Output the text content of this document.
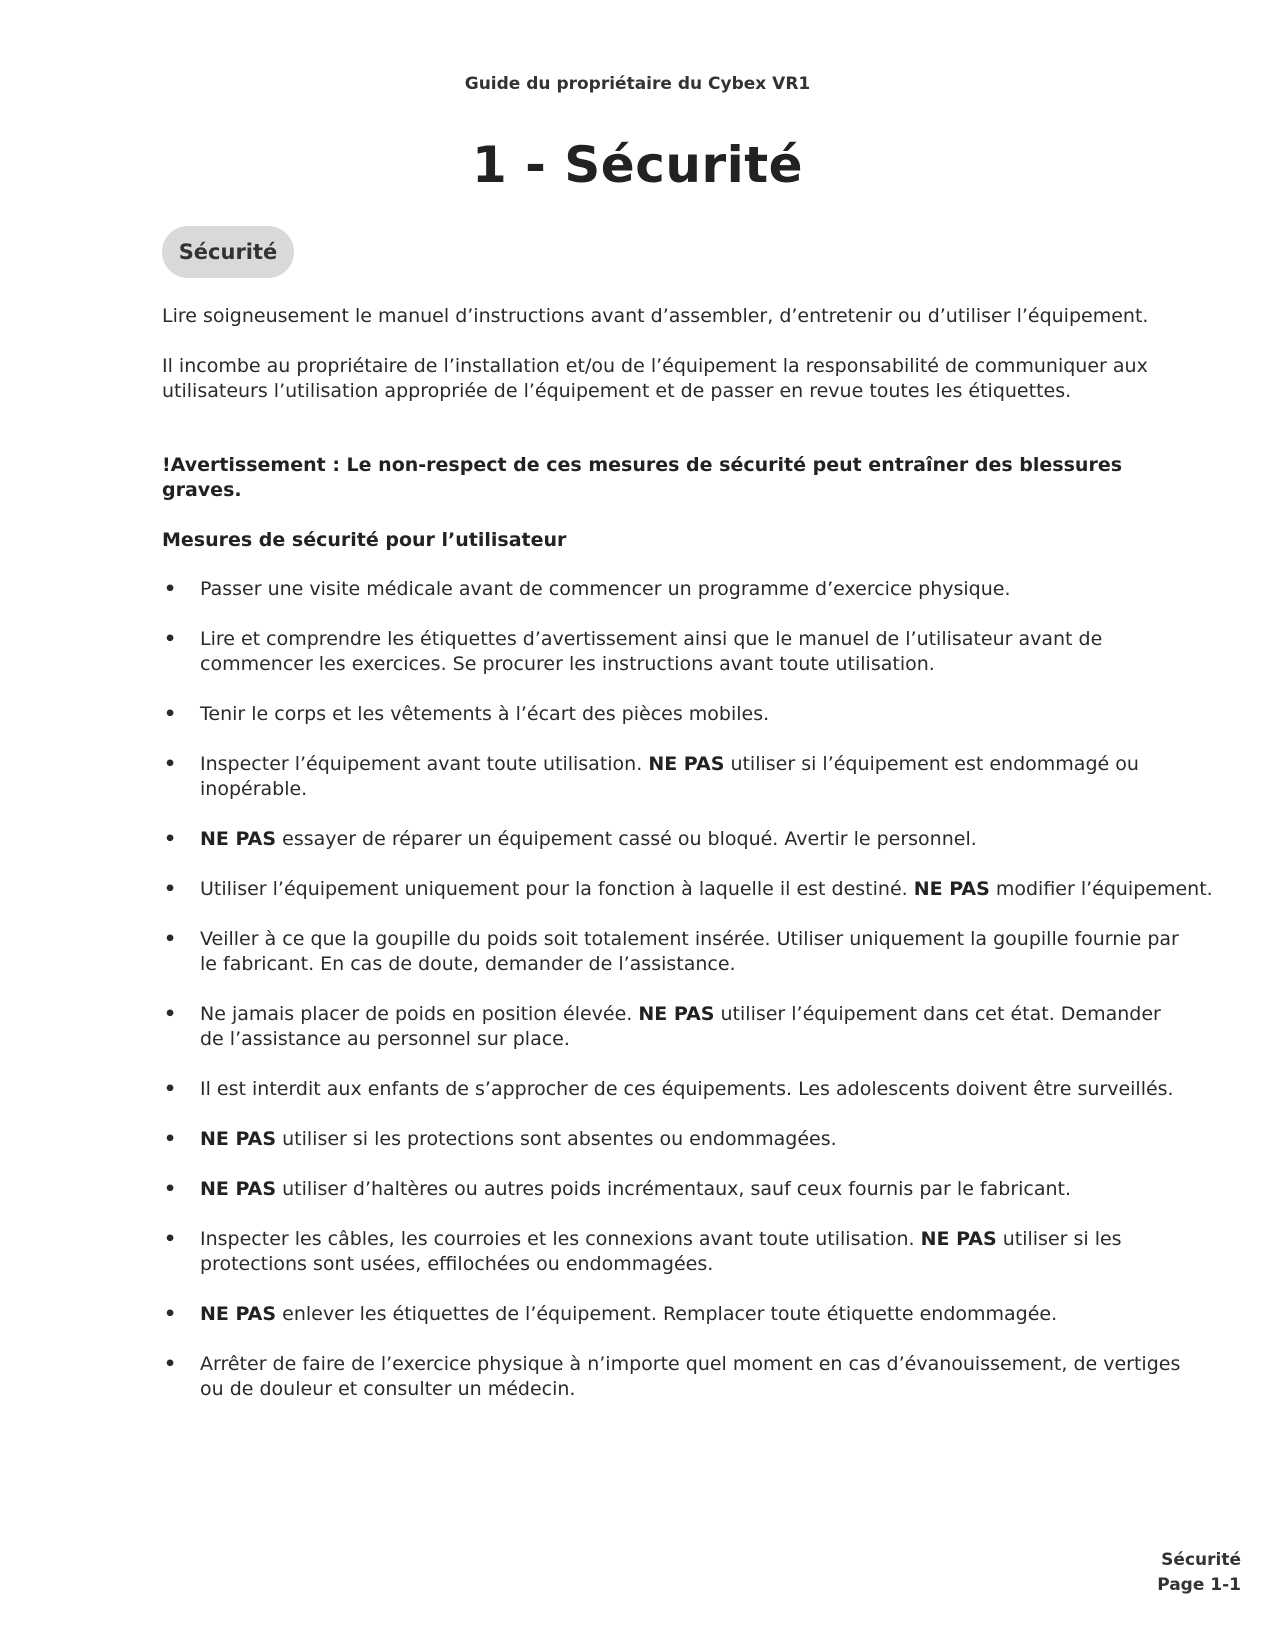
Guide du propriétaire du Cybex VR1
1 - Sécurité
Sécurité

Lire soigneusement le manuel d’instructions avant d’assembler, d’entretenir ou d’utiliser l’équipement.

Il incombe au propriétaire de l’installation et/ou de l’équipement la responsabilité de communiquer aux
utilisateurs l’utilisation appropriée de l’équipement et de passer en revue toutes les étiquettes.

!Avertissement : Le non-respect de ces mesures de sécurité peut entraîner des blessures graves.

Mesures de sécurité pour l’utilisateur

• Passer une visite médicale avant de commencer un programme d’exercice physique.
• Lire et comprendre les étiquettes d’avertissement ainsi que le manuel de l’utilisateur avant de
commencer les exercices. Se procurer les instructions avant toute utilisation.
• Tenir le corps et les vêtements à l’écart des pièces mobiles.
• Inspecter l’équipement avant toute utilisation. NE PAS utiliser si l’équipement est endommagé ou
inopérable.
• NE PAS essayer de réparer un équipement cassé ou bloqué. Avertir le personnel.
• Utiliser l’équipement uniquement pour la fonction à laquelle il est destiné. NE PAS modifier l’équipement.
• Veiller à ce que la goupille du poids soit totalement insérée. Utiliser uniquement la goupille fournie par
le fabricant. En cas de doute, demander de l’assistance.
• Ne jamais placer de poids en position élevée. NE PAS utiliser l’équipement dans cet état. Demander
de l’assistance au personnel sur place.
• Il est interdit aux enfants de s’approcher de ces équipements. Les adolescents doivent être surveillés.
• NE PAS utiliser si les protections sont absentes ou endommagées.
• NE PAS utiliser d’haltères ou autres poids incrémentaux, sauf ceux fournis par le fabricant.
• Inspecter les câbles, les courroies et les connexions avant toute utilisation. NE PAS utiliser si les
protections sont usées, effilochées ou endommagées.
• NE PAS enlever les étiquettes de l’équipement. Remplacer toute étiquette endommagée.
• Arrêter de faire de l’exercice physique à n’importe quel moment en cas d’évanouissement, de vertiges
ou de douleur et consulter un médecin.
Sécurité
Page 1-1
